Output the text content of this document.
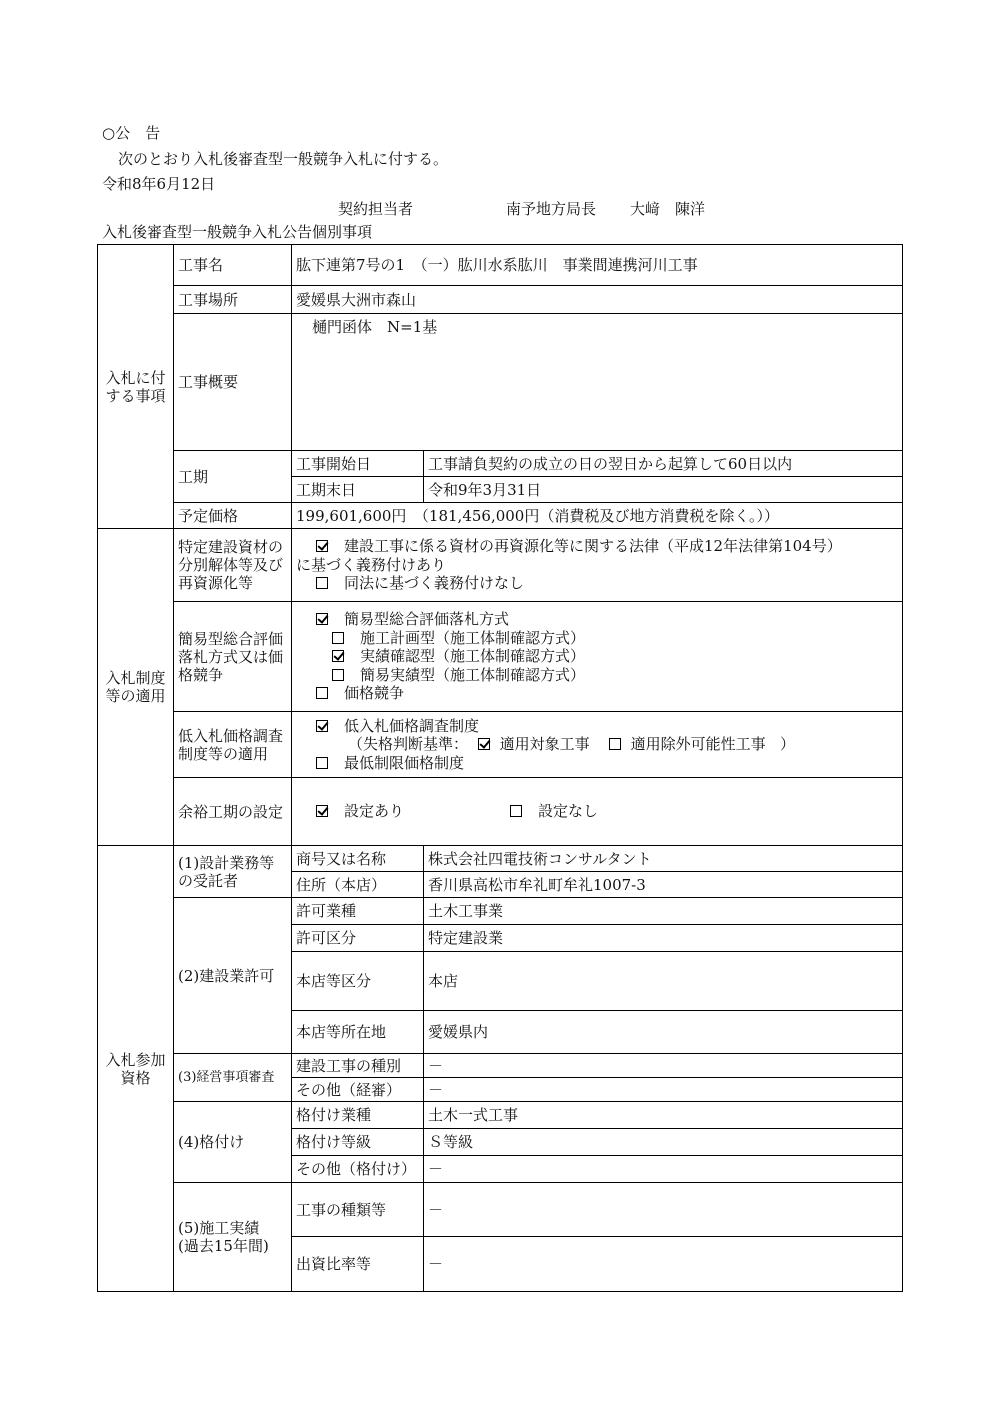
○公　告
次のとおり入札後審査型一般競争入札に付する。
令和8年6月12日
契約担当者	南予地方局長 大﨑　陳洋
入札後審査型一般競争入札公告個別事項
入札に付する事項	工事名	肱下連第7号の1　（一）肱川水系肱川　事業間連携河川工事	
	工事場所	愛媛県大洲市森山	
	工事概要	樋門函体　N=1基	
	工期	工事開始日	工事請負契約の成立の日の翌日から起算して60日以内
		工期末日	令和9年3月31日
	予定価格	199,601,600円　（181,456,000円（消費税及び地方消費税を除く。））	
入札制度等の適用	特定建設資材の分別解体等及び再資源化等	建設工事に係る資材の再資源化等に関する法律（平成12年法律第104号）
に基づく義務付けあり
同法に基づく義務付けなし	

	簡易型総合評価落札方式又は価格競争	簡易型総合評価落札方式
施工計画型（施工体制確認方式）
実績確認型（施工体制確認方式）
簡易実績型（施工体制確認方式）
価格競争	

	低入札価格調査制度等の適用	低入札価格調査制度
（失格判断基準： 適用対象工事 適用除外可能性工事 ）
最低制限価格制度	

	余裕工期の設定	設定あり 設定なし	

入札参加資格	(1)設計業務等の受託者	商号又は名称	株式会社四電技術コンサルタント
		住所（本店）	香川県高松市牟礼町牟礼1007-3
	(2)建設業許可	許可業種	土木工事業
		許可区分	特定建設業
		本店等区分	本店
		本店等所在地	愛媛県内
	(3)経営事項審査	建設工事の種別	－
		その他（経審）	－
	(4)格付け	格付け業種	土木一式工事
		格付け等級	Ｓ等級
		その他（格付け）	－

	(5)施工実績
(過去15年間)	工事の種類等	－
		出資比率等	－
